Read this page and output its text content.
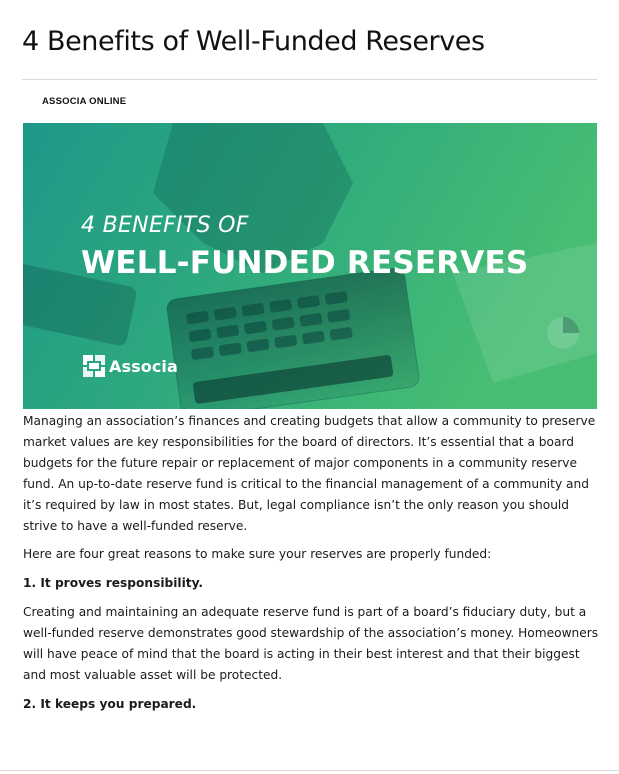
4 Benefits of Well-Funded Reserves
ASSOCIA ONLINE
4 BENEFITS OF
WELL-FUNDED RESERVES
Associa

Managing an association’s finances and creating budgets that allow a community to preserve market values are key responsibilities for the board of directors. It’s essential that a board budgets for the future repair or replacement of major components in a community reserve fund. An up-to-date reserve fund is critical to the financial management of a community and it’s required by law in most states. But, legal compliance isn’t the only reason you should strive to have a well-funded reserve.

Here are four great reasons to make sure your reserves are properly funded:

1. It proves responsibility.

Creating and maintaining an adequate reserve fund is part of a board’s fiduciary duty, but a well-funded reserve demonstrates good stewardship of the association’s money. Homeowners will have peace of mind that the board is acting in their best interest and that their biggest and most valuable asset will be protected.

2. It keeps you prepared.
